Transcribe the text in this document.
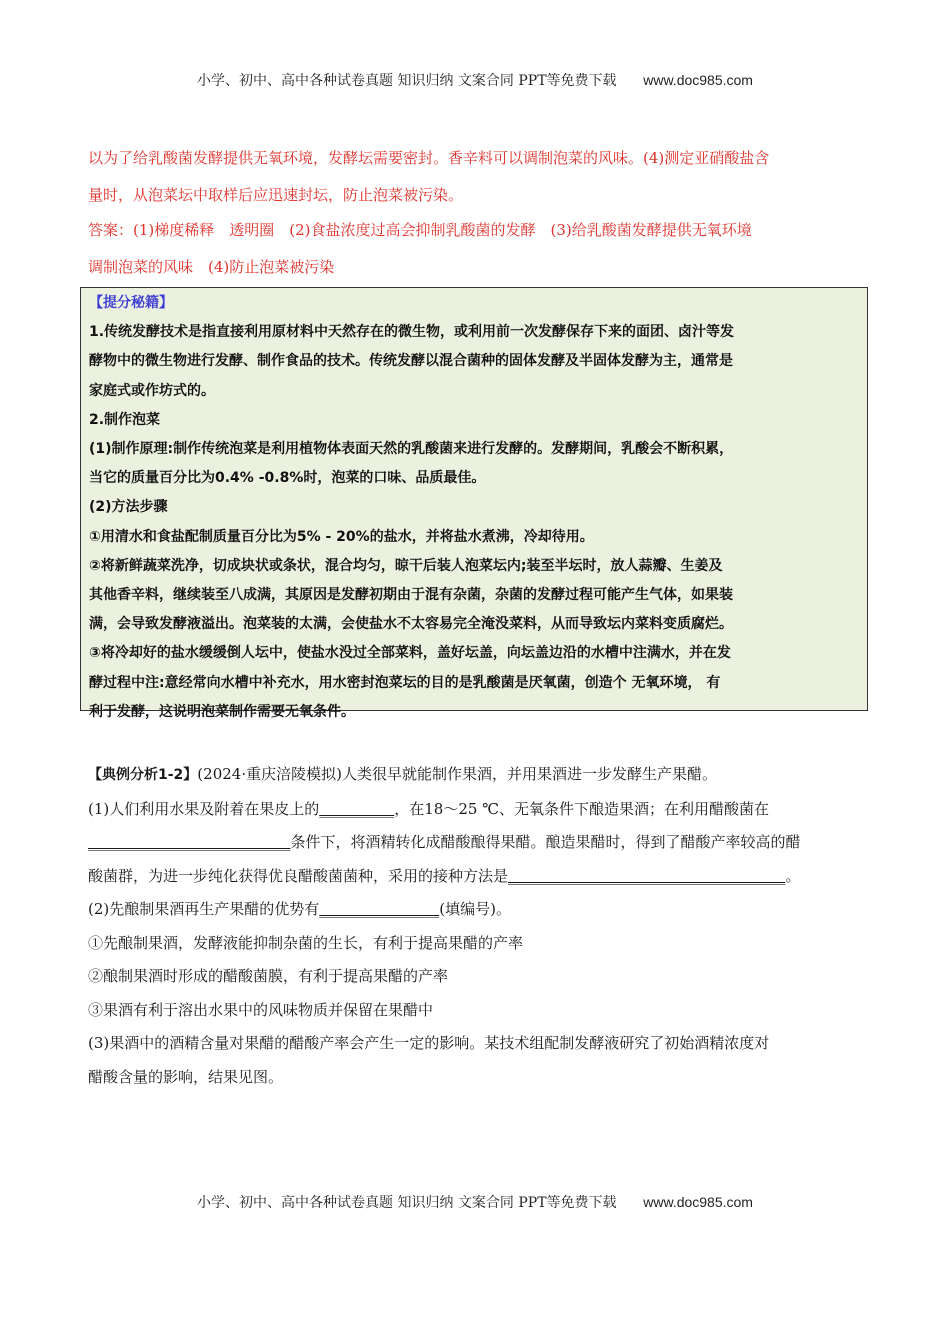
小学、初中、高中各种试卷真题 知识归纳 文案合同 PPT等免费下载 www.doc985.com
以为了给乳酸菌发酵提供无氧环境，发酵坛需要密封。香辛料可以调制泡菜的风味。(4)测定亚硝酸盐含
量时，从泡菜坛中取样后应迅速封坛，防止泡菜被污染。
答案：(1)梯度稀释　透明圈　(2)食盐浓度过高会抑制乳酸菌的发酵　(3)给乳酸菌发酵提供无氧环境
调制泡菜的风味　(4)防止泡菜被污染

【提分秘籍】

1.传统发酵技术是指直接利用原材料中天然存在的微生物，或利用前一次发酵保存下来的面团、卤汁等发

酵物中的微生物进行发酵、制作食品的技术。传统发酵以混合菌种的固体发酵及半固体发酵为主，通常是

家庭式或作坊式的。

2.制作泡菜

(1)制作原理:制作传统泡菜是利用植物体表面天然的乳酸菌来进行发酵的。发酵期间，乳酸会不断积累，

当它的质量百分比为0.4% -0.8%时，泡菜的口味、品质最佳。

(2)方法步骤

①用清水和食盐配制质量百分比为5% - 20%的盐水，并将盐水煮沸，冷却待用。

②将新鲜蔬菜洗净，切成块状或条状，混合均匀，晾干后装人泡菜坛内;装至半坛时，放人蒜瓣、生姜及

其他香辛料，继续装至八成满，其原因是发酵初期由于混有杂菌，杂菌的发酵过程可能产生气体，如果装

满，会导致发酵液溢出。泡菜装的太满，会使盐水不太容易完全淹没菜料，从而导致坛内菜料变质腐烂。

③将冷却好的盐水缓缓倒人坛中，使盐水没过全部菜料，盖好坛盖，向坛盖边沿的水槽中注满水，并在发

酵过程中注:意经常向水槽中补充水，用水密封泡菜坛的目的是乳酸菌是厌氧菌，创造个 无氧环境， 有

利于发酵，这说明泡菜制作需要无氧条件。

【典例分析1-2】(2024·重庆涪陵模拟)人类很早就能制作果酒，并用果酒进一步发酵生产果醋。

(1)人们利用水果及附着在果皮上的__________，在18～25 ℃、无氧条件下酿造果酒；在利用醋酸菌在

___________________________条件下，将酒精转化成醋酸酿得果醋。酿造果醋时，得到了醋酸产率较高的醋

酸菌群，为进一步纯化获得优良醋酸菌菌种，采用的接种方法是_____________________________________。

(2)先酿制果酒再生产果醋的优势有________________(填编号)。

①先酿制果酒，发酵液能抑制杂菌的生长，有利于提高果醋的产率

②酿制果酒时形成的醋酸菌膜，有利于提高果醋的产率

③果酒有利于溶出水果中的风味物质并保留在果醋中

(3)果酒中的酒精含量对果醋的醋酸产率会产生一定的影响。某技术组配制发酵液研究了初始酒精浓度对

醋酸含量的影响，结果见图。

小学、初中、高中各种试卷真题 知识归纳 文案合同 PPT等免费下载 www.doc985.com
